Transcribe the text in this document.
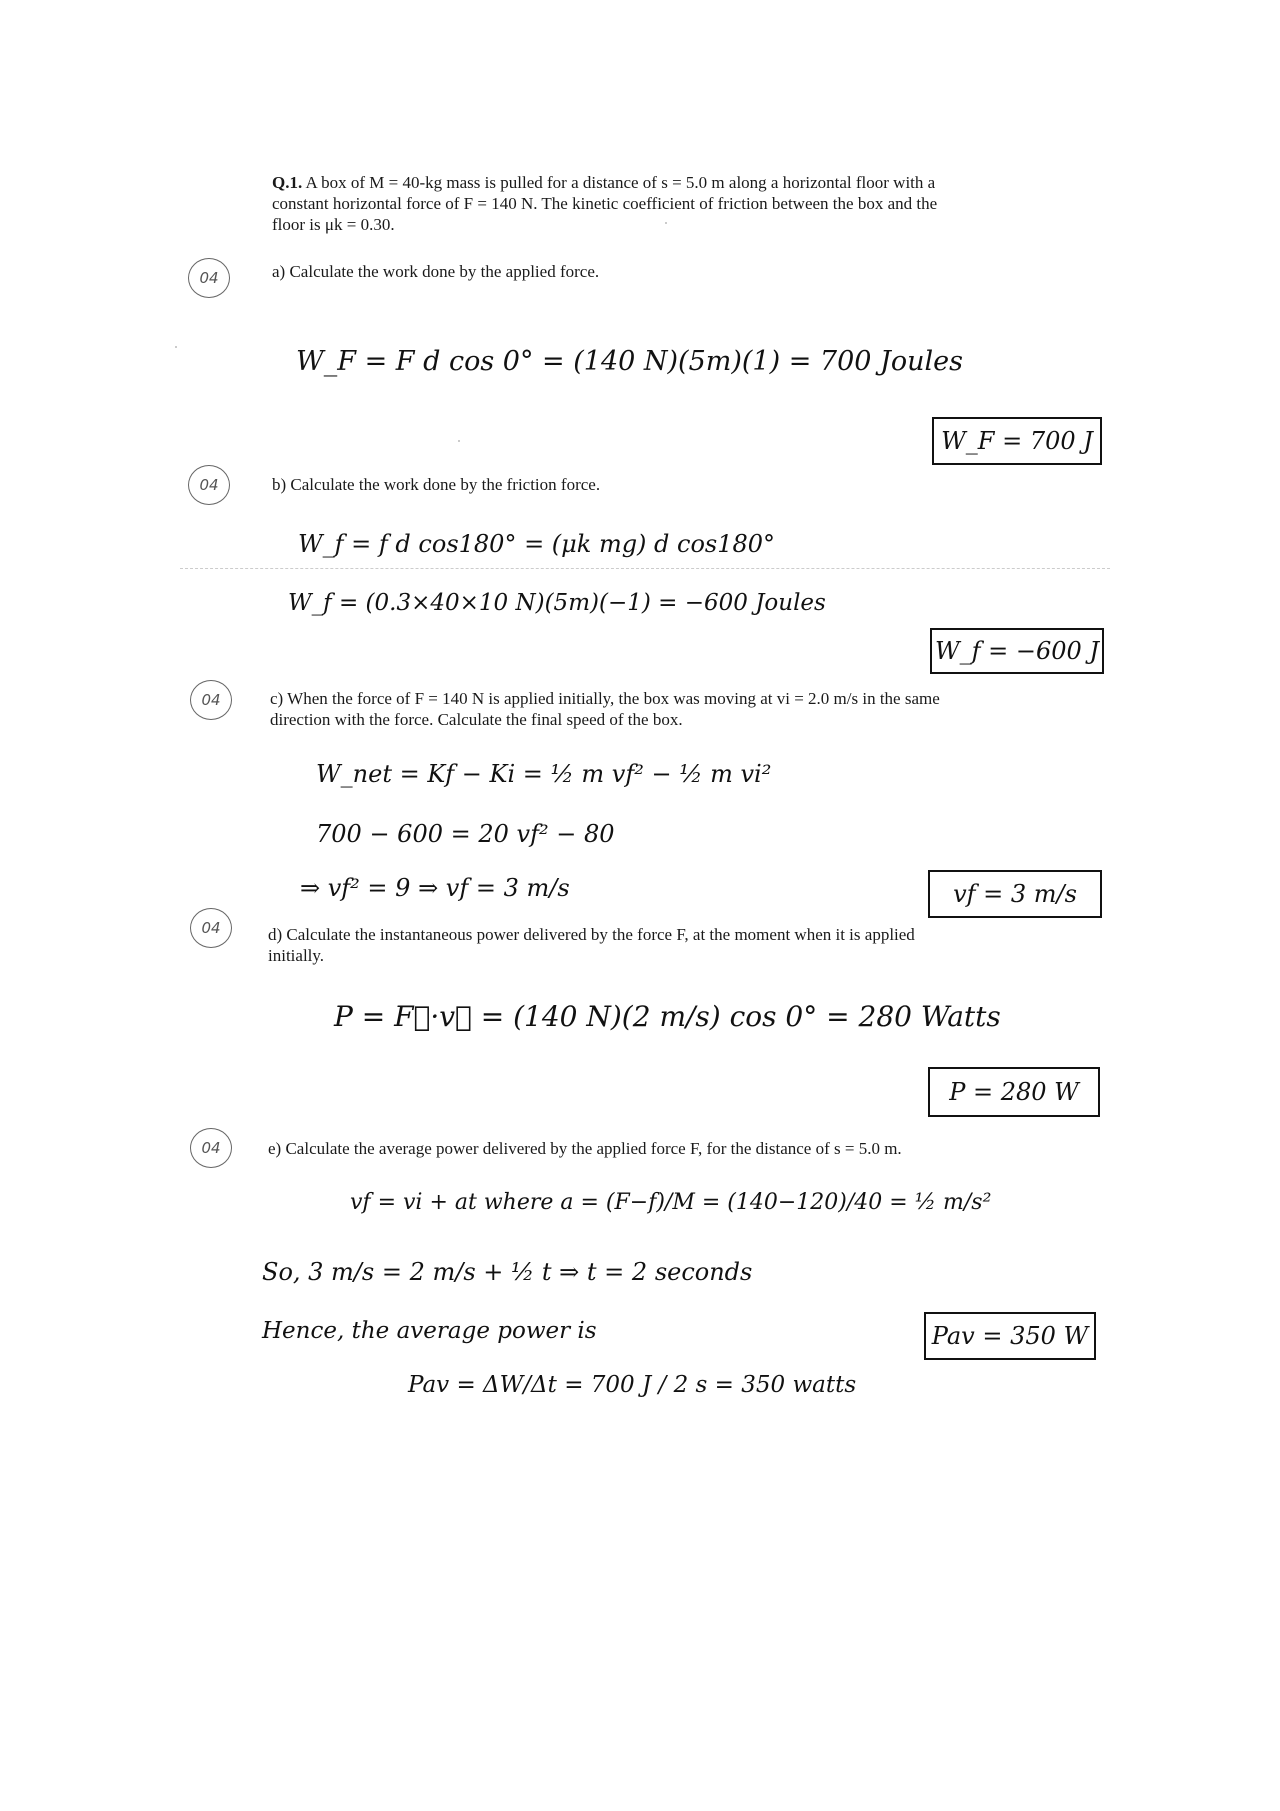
Q.1. A box of M = 40-kg mass is pulled for a distance of s = 5.0 m along a horizontal floor with a
constant horizontal force of F = 140 N. The kinetic coefficient of friction between the box and the
floor is μk = 0.30.
04	a) Calculate the work done by the applied force.
W_F = F d cos 0° = (140 N)(5m)(1) = 700 Joules
W_F = 700 J
04	b) Calculate the work done by the friction force.
W_f = f d cos180° = (μk mg) d cos180°
W_f = (0.3×40×10 N)(5m)(−1) = −600 Joules
W_f = −600 J
04	c) When the force of F = 140 N is applied initially, the box was moving at vi = 2.0 m/s in the same
direction with the force. Calculate the final speed of the box.
W_net = Kf − Ki = ½ m vf² − ½ m vi²
700 − 600 = 20 vf² − 80
⇒ vf² = 9 ⇒ vf = 3 m/s	vf = 3 m/s
04	d) Calculate the instantaneous power delivered by the force F, at the moment when it is applied
initially.
P = F⃗·v⃗ = (140 N)(2 m/s) cos 0° = 280 Watts
P = 280 W
04	e) Calculate the average power delivered by the applied force F, for the distance of s = 5.0 m.
vf = vi + at where a = (F−f)/M = (140−120)/40 = ½ m/s²
So, 3 m/s = 2 m/s + ½ t ⇒ t = 2 seconds
Hence, the average power is	Pav = 350 W
Pav = ΔW/Δt = 700 J / 2 s = 350 watts
